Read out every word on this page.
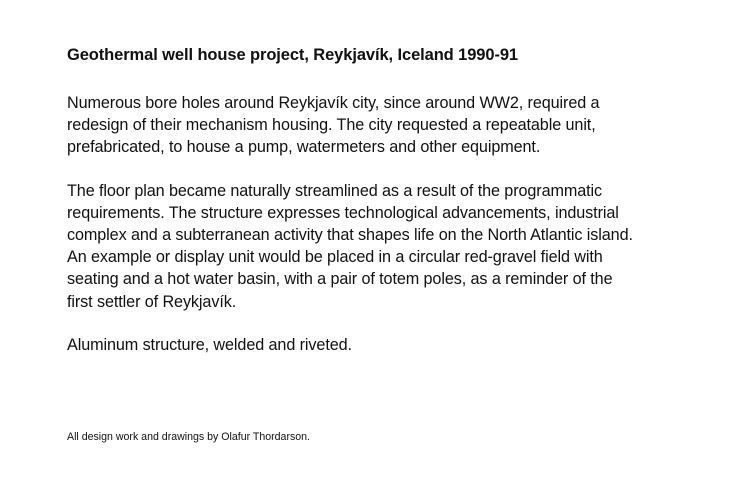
Geothermal well house project, Reykjavík, Iceland 1990-91
Numerous bore holes around Reykjavík city, since around WW2, required a
redesign of their mechanism housing. The city requested a repeatable unit,
prefabricated, to house a pump, watermeters and other equipment.
The floor plan became naturally streamlined as a result of the programmatic
requirements. The structure expresses technological advancements, industrial
complex and a subterranean activity that shapes life on the North Atlantic island.
An example or display unit would be placed in a circular red-gravel field with
seating and a hot water basin, with a pair of totem poles, as a reminder of the
first settler of Reykjavík.
Aluminum structure, welded and riveted.
All design work and drawings by Olafur Thordarson.
